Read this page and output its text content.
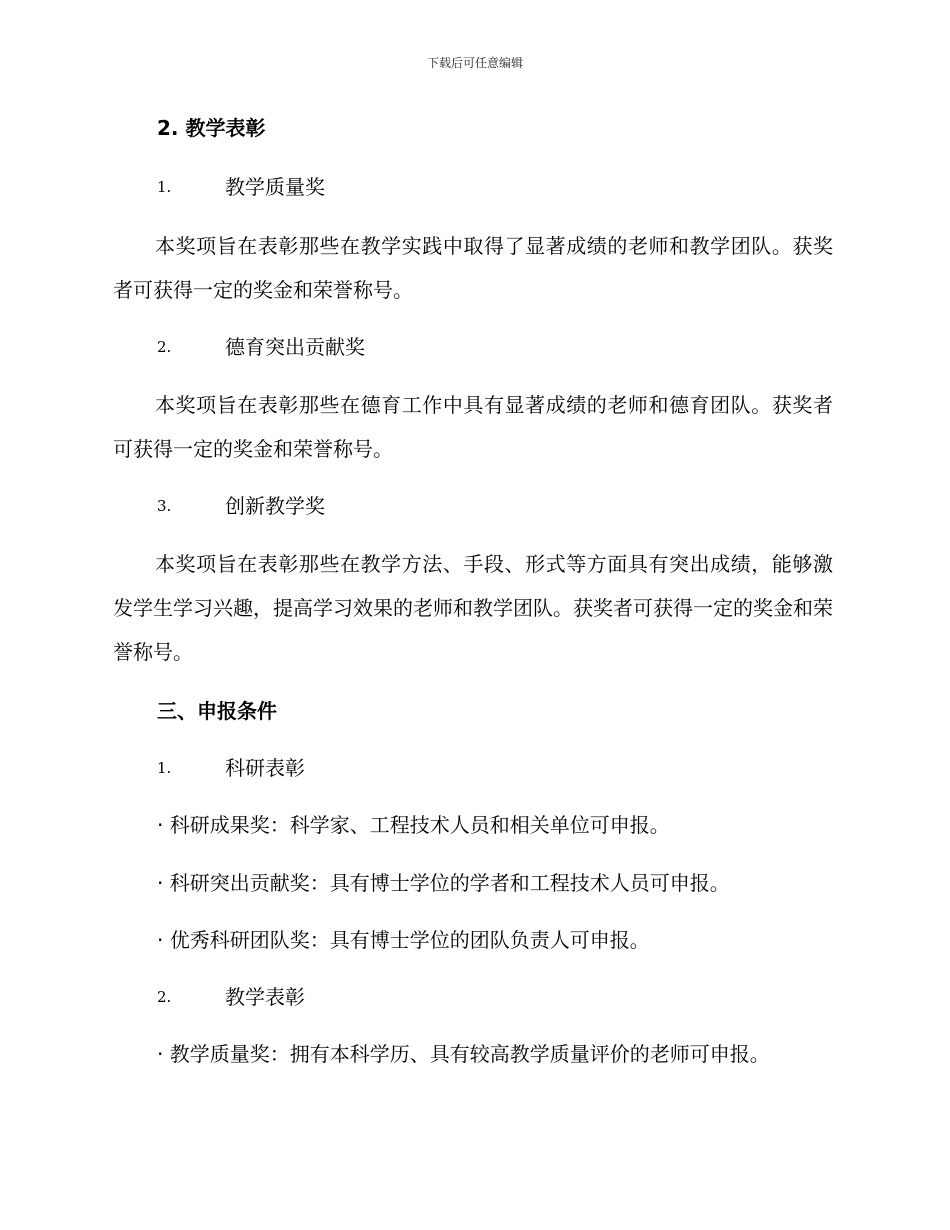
下载后可任意编辑
2. 教学表彰
1.	教学质量奖
本奖项旨在表彰那些在教学实践中取得了显著成绩的老师和教学团队。获奖者可获得一定的奖金和荣誉称号。
2.	德育突出贡献奖
本奖项旨在表彰那些在德育工作中具有显著成绩的老师和德育团队。获奖者可获得一定的奖金和荣誉称号。
3.	创新教学奖
本奖项旨在表彰那些在教学方法、手段、形式等方面具有突出成绩，能够激发学生学习兴趣，提高学习效果的老师和教学团队。获奖者可获得一定的奖金和荣誉称号。
三、申报条件
1.	科研表彰
· 科研成果奖：科学家、工程技术人员和相关单位可申报。
· 科研突出贡献奖：具有博士学位的学者和工程技术人员可申报。
· 优秀科研团队奖：具有博士学位的团队负责人可申报。
2.	教学表彰
· 教学质量奖：拥有本科学历、具有较高教学质量评价的老师可申报。
